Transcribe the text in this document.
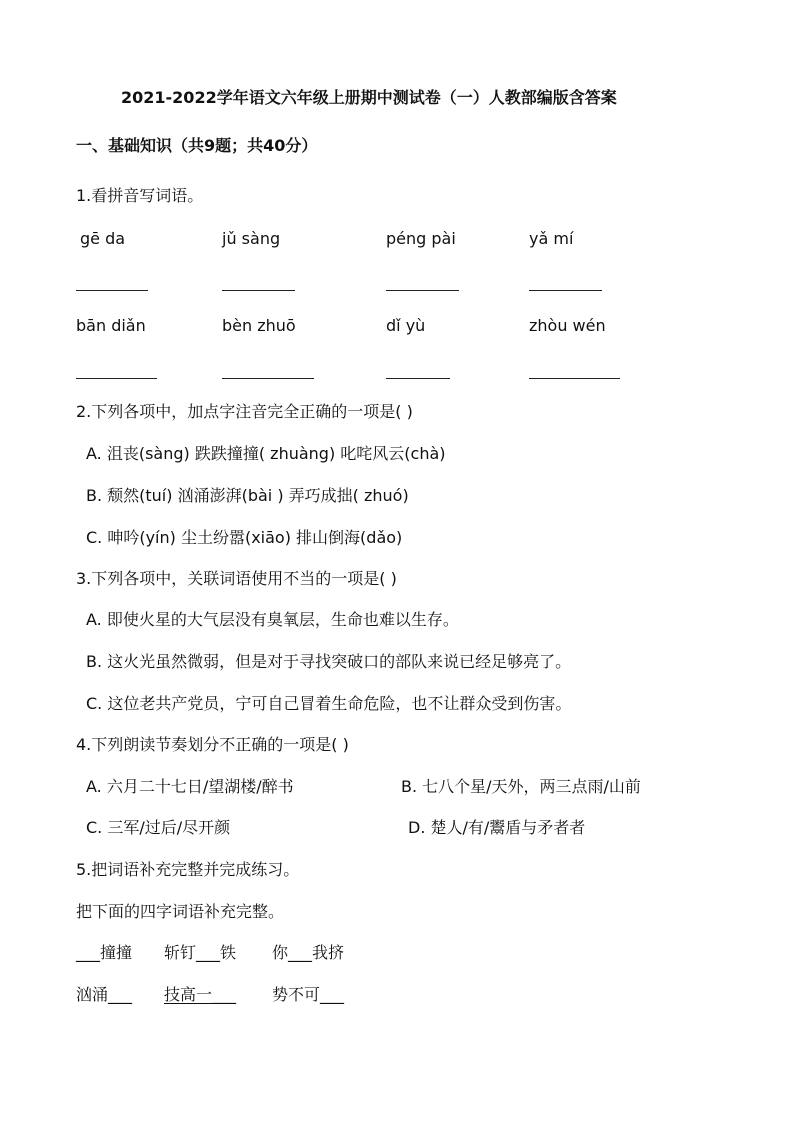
2021-2022学年语文六年级上册期中测试卷（一）人教部编版含答案
一、基础知识（共9题；共40分）
1.看拼音写词语。
gē da	jǔ sàng	péng pài	yǎ mí
bān diǎn	bèn zhuō	dǐ yù	zhòu wén
2.下列各项中，加点字注音完全正确的一项是( )
A. 沮丧(sàng) 跌跌撞撞( zhuàng) 叱咤风云(chà)
B. 颓然(tuí) 汹涌澎湃(bài ) 弄巧成拙( zhuó)
C. 呻吟(yín) 尘土纷嚣(xiāo) 排山倒海(dǎo)
3.下列各项中，关联词语使用不当的一项是( )
A. 即使火星的大气层没有臭氧层，生命也难以生存。
B. 这火光虽然微弱，但是对于寻找突破口的部队来说已经足够亮了。
C. 这位老共产党员，宁可自己冒着生命危险，也不让群众受到伤害。
4.下列朗读节奏划分不正确的一项是( )
A. 六月二十七日/望湖楼/醉书	B. 七八个星/天外，两三点雨/山前
C. 三军/过后/尽开颜	D. 楚人/有/鬻盾与矛者者
5.把词语补充完整并完成练习。
把下面的四字词语补充完整。
___撞撞 斩钉___铁 你___我挤
汹涌___ 技高一___ 势不可___
